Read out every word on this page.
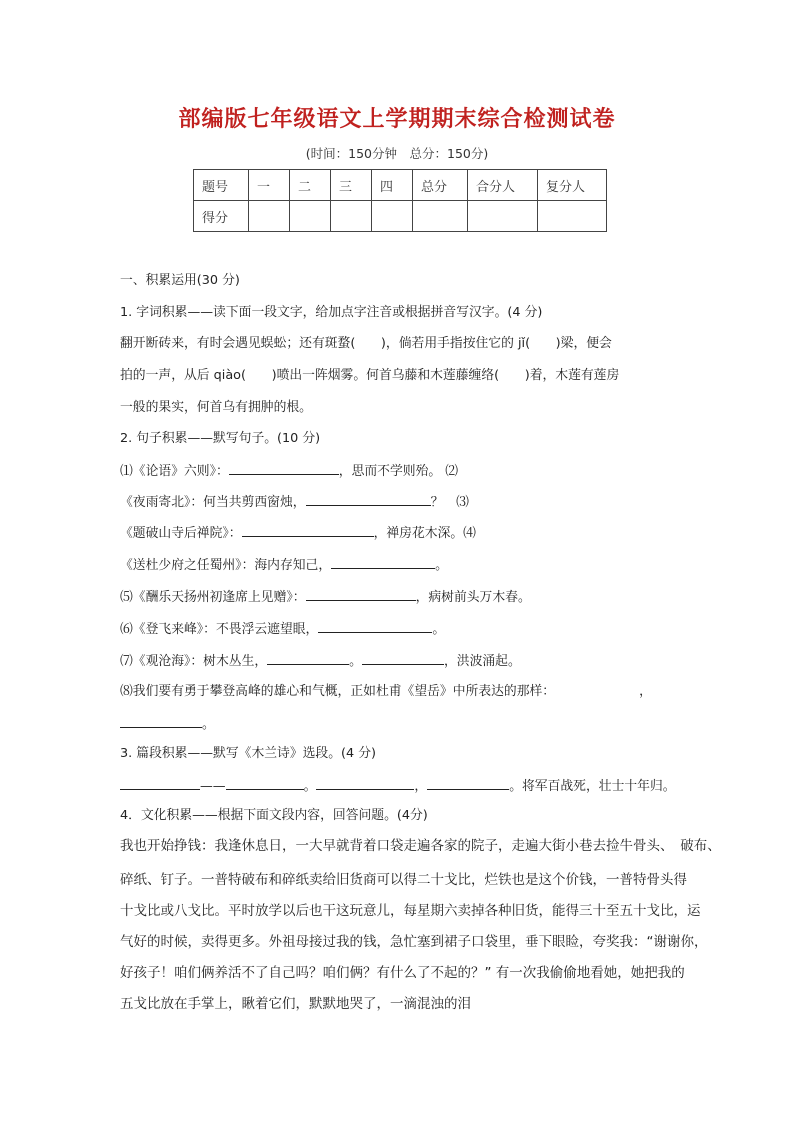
部编版七年级语文上学期期末综合检测试卷
(时间：150分钟　总分：150分)
题号	一	二	三	四	总分	合分人	复分人
得分							
一、积累运用(30 分)
1. 字词积累——读下面一段文字，给加点字注音或根据拼音写汉字。(4 分)
翻开断砖来，有时会遇见蜈蚣；还有斑蝥(　　)，倘若用手指按住它的 jǐ(　　)梁，便会
拍的一声，从后 qiào(　　)喷出一阵烟雾。何首乌藤和木莲藤缠络(　　)着，木莲有莲房
一般的果实，何首乌有拥肿的根。
2. 句子积累——默写句子。(10 分)
⑴《论语》六则》：	，思而不学则殆。 ⑵
《夜雨寄北》：何当共剪西窗烛，	？　⑶
《题破山寺后禅院》：	，禅房花木深。⑷
《送杜少府之任蜀州》：海内存知己，	。
⑸《酬乐天扬州初逢席上见赠》：	，病树前头万木春。
⑹《登飞来峰》：不畏浮云遮望眼，	。
⑺《观沧海》：树木丛生，	。	，洪波涌起。
⑻我们要有勇于攀登高峰的雄心和气概，正如杜甫《望岳》中所表达的那样：	，
。
3. 篇段积累——默写《木兰诗》选段。(4 分)
——	。	，	。将军百战死，壮士十年归。
4．文化积累——根据下面文段内容，回答问题。(4分)
我也开始挣钱：我逢休息日，一大早就背着口袋走遍各家的院子，走遍大街小巷去捡牛骨头、　破布、
碎纸、钉子。一普特破布和碎纸卖给旧货商可以得二十戈比，烂铁也是这个价钱，一普特骨头得
十戈比或八戈比。平时放学以后也干这玩意儿，每星期六卖掉各种旧货，能得三十至五十戈比，运
气好的时候，卖得更多。外祖母接过我的钱，急忙塞到裙子口袋里，垂下眼睑，夸奖我：“谢谢你，
好孩子！咱们俩养活不了自己吗？咱们俩？有什么了不起的？” 有一次我偷偷地看她，她把我的
五戈比放在手掌上，瞅着它们，默默地哭了，一滴混浊的泪
